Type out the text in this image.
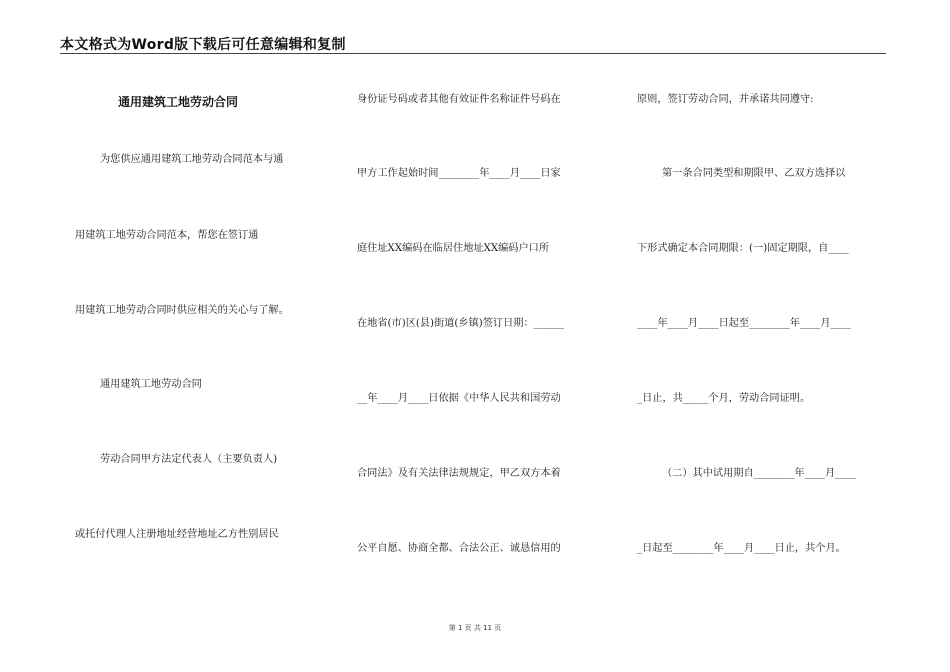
本文格式为Word版下载后可任意编辑和复制
通用建筑工地劳动合同
为您供应通用建筑工地劳动合同范本与通
用建筑工地劳动合同范本，帮您在签订通
用建筑工地劳动合同时供应相关的关心与了解。
通用建筑工地劳动合同
劳动合同甲方法定代表人（主要负责人)
或托付代理人注册地址经营地址乙方性别居民
身份证号码或者其他有效证件名称证件号码在
甲方工作起始时间________年____月____日家
庭住址XX编码在临居住地址XX编码户口所
在地省(市)区(县)街道(乡镇)签订日期：______
__年____月____日依据《中华人民共和国劳动
合同法》及有关法律法规规定，甲乙双方本着
公平自愿、协商全都、合法公正、诚恳信用的
原则，签订劳动合同，并承诺共同遵守:
第一条合同类型和期限甲、乙双方选择以
下形式确定本合同期限：(一)固定期限，自____
____年____月____日起至________年____月____
_日止，共_____个月，劳动合同证明。
（二）其中试用期自________年____月____
_日起至________年____月____日止，共个月。
第 1 页 共 11 页
